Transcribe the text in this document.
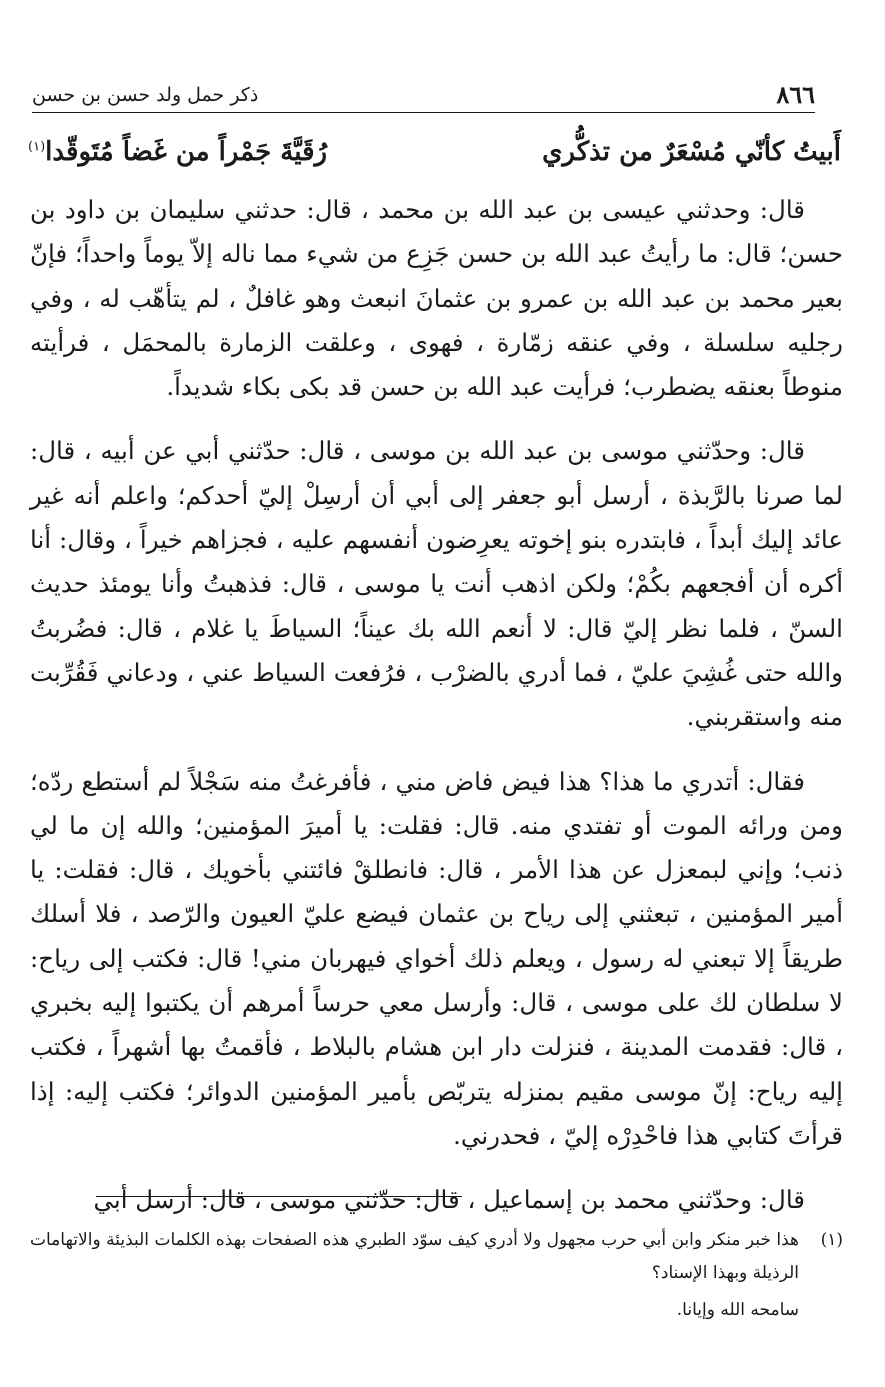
٨٦٦
ذكر حمل ولد حسن بن حسن
أَبيتُ كأنّي مُسْعَرٌ من تذكُّري
رُقَيَّةَ جَمْراً من غَضاً مُتَوقّدا$^{(١)}$

قال: وحدثني عيسى بن عبد الله بن محمد ، قال: حدثني سليمان بن داود بن حسن؛ قال: ما رأيتُ عبد الله بن حسن جَزِع من شيء مما ناله إلاّ يوماً واحداً؛ فإنّ بعير محمد بن عبد الله بن عمرو بن عثمانَ انبعث وهو غافلٌ ، لم يتأهّب له ، وفي رجليه سلسلة ، وفي عنقه زمّارة ، فهوى ، وعلقت الزمارة بالمحمَل ، فرأيته منوطاً بعنقه يضطرب؛ فرأيت عبد الله بن حسن قد بكى بكاء شديداً.

قال: وحدّثني موسى بن عبد الله بن موسى ، قال: حدّثني أبي عن أبيه ، قال: لما صرنا بالرَّبذة ، أرسل أبو جعفر إلى أبي أن أرسِلْ إليّ أحدكم؛ واعلم أنه غير عائد إليك أبداً ، فابتدره بنو إخوته يعرِضون أنفسهم عليه ، فجزاهم خيراً ، وقال: أنا أكره أن أفجعهم بكُمْ؛ ولكن اذهب أنت يا موسى ، قال: فذهبتُ وأنا يومئذ حديث السنّ ، فلما نظر إليّ قال: لا أنعم الله بك عيناً؛ السياطَ يا غلام ، قال: فضُربتُ والله حتى غُشِيَ عليّ ، فما أدري بالضرْب ، فرُفعت السياط عني ، ودعاني فَقُرِّبت منه واستقربني.

فقال: أتدري ما هذا؟ هذا فيض فاض مني ، فأفرغتُ منه سَجْلاً لم أستطع ردّه؛ ومن ورائه الموت أو تفتدي منه. قال: فقلت: يا أميرَ المؤمنين؛ والله إن ما لي ذنب؛ وإني لبمعزل عن هذا الأمر ، قال: فانطلقْ فائتني بأخويك ، قال: فقلت: يا أمير المؤمنين ، تبعثني إلى رياح بن عثمان فيضع عليّ العيون والرّصد ، فلا أسلك طريقاً إلا تبعني له رسول ، ويعلم ذلك أخواي فيهربان مني! قال: فكتب إلى رياح: لا سلطان لك على موسى ، قال: وأرسل معي حرساً أمرهم أن يكتبوا إليه بخبري ، قال: فقدمت المدينة ، فنزلت دار ابن هشام بالبلاط ، فأقمتُ بها أشهراً ، فكتب إليه رياح: إنّ موسى مقيم بمنزله يتربّص بأمير المؤمنين الدوائر؛ فكتب إليه: إذا قرأتَ كتابي هذا فاحْدِرْه إليّ ، فحدرني.

قال: وحدّثني محمد بن إسماعيل ، قال: حدّثني موسى ، قال: أرسل أبي

(١)
هذا خبر منكر وابن أبي حرب مجهول ولا أدري كيف سوّد الطبري هذه الصفحات بهذه الكلمات البذيئة والاتهامات الرذيلة وبهذا الإسناد؟
سامحه الله وإيانا.
